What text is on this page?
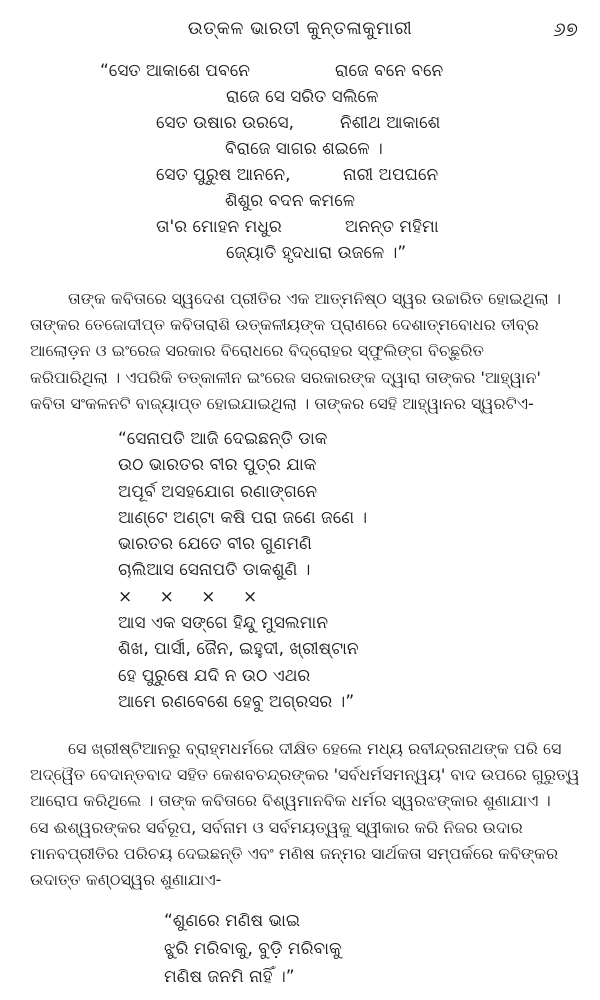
ଉତ୍କଳ ଭାରତୀ କୁନ୍ତଳାକୁମାରୀ	୬୭
“ସେତ ଆକାଶେ ପବନେ	ରାଜେ ବନେ ବନେ
ରାଜେ ସେ ସରିତ ସଲିଳେ
ସେତ ଉଷାର ଉରସେ,	ନିଶୀଥ ଆକାଶେ
ବିରାଜେ ସାଗର ଶଇଳେ ।
ସେତ ପୁରୁଷ ଆନନେ,	ନାରୀ ଅପଘନେ
ଶିଶୁର ବଦନ କମଳେ
ତା'ର ମୋହନ ମଧୁର	ଅନନ୍ତ ମହିମା
ଜ୍ୟୋତି ହୃଦଧାରା ଉଜଳେ ।”
ତାଙ୍କ କବିତାରେ ସ୍ୱଦେଶ ପ୍ରୀତିର ଏକ ଆତ୍ମନିଷ୍ଠ ସ୍ୱର ଉଚ୍ଚାରିତ ହୋଇଥିଲା ।
ତାଙ୍କର ତେଜୋଦୀପ୍ତ କବିତାରାଶି ଉତ୍କଳୀୟଙ୍କ ପ୍ରାଣରେ ଦେଶାତ୍ମବୋଧର ତୀବ୍ର
ଆଲୋଡ଼ନ ଓ ଇଂରେଜ ସରକାର ବିରୋଧରେ ବିଦ୍ରୋହର ସ୍ଫୁଲିଙ୍ଗ ବିଚ୍ଛୁରିତ
କରିପାରିଥିଲା । ଏପରିକି ତତ୍କାଳୀନ ଇଂରେଜ ସରକାରଙ୍କ ଦ୍ୱାରା ତାଙ୍କର 'ଆହ୍ୱାନ'
କବିତା ସଂକଳନଟି ବାଜ୍ୟାପ୍ତ ହୋଇଯାଇଥିଲା । ତାଙ୍କର ସେହି ଆହ୍ୱାନର ସ୍ୱରଟିଏ-
“ସେନାପତି ଆଜି ଦେଇଛନ୍ତି ଡାକ
ଉଠ ଭାରତର ବୀର ପୁତ୍ର ଯାକ
ଅପୂର୍ବ ଅସହଯୋଗ ରଣାଙ୍ଗନେ
ଆଣ୍ଟେ ଅଣ୍ଟା କଷି ପରା ଜଣେ ଜଣେ ।
ଭାରତର ଯେତେ ବୀର ଗୁଣମଣି
ଚାଲିଆସ ସେନାପତି ଡାକଶୁଣି ।
× × × ×
ଆସ ଏକ ସଙ୍ଗେ ହିନ୍ଦୁ ମୁସଲମାନ
ଶିଖ, ପାର୍ସୀ, ଜୈନ, ଇହୁଦୀ, ଖ୍ରୀଷ୍ଟାନ
ହେ ପୁରୁଷେ ଯଦି ନ ଉଠ ଏଥର
ଆମେ ରଣବେଶେ ହେବୁ ଅଗ୍ରସର ।”
ସେ ଖ୍ରୀଷ୍ଟିଆନରୁ ବ୍ରାହ୍ମଧର୍ମରେ ଦୀକ୍ଷିତ ହେଲେ ମଧ୍ୟ ରବୀନ୍ଦ୍ରନାଥଙ୍କ ପରି ସେ
ଅଦ୍ୱୈତ ବେଦାନ୍ତବାଦ ସହିତ କେଶବଚନ୍ଦ୍ରଙ୍କର 'ସର୍ବଧର୍ମସମନ୍ୱୟ' ବାଦ ଉପରେ ଗୁରୁତ୍ୱ
ଆରୋପ କରିଥିଲେ । ତାଙ୍କ କବିତାରେ ବିଶ୍ୱମାନବିକ ଧର୍ମର ସ୍ୱରଝଙ୍କାର ଶୁଣାଯାଏ ।
ସେ ଈଶ୍ୱରଙ୍କର ସର୍ବରୂପ, ସର୍ବନାମ ଓ ସର୍ବମୟତ୍ୱକୁ ସ୍ୱୀକାର କରି ନିଜର ଉଦାର
ମାନବପ୍ରୀତିର ପରିଚୟ ଦେଇଛନ୍ତି ଏବଂ ମଣିଷ ଜନ୍ମର ସାର୍ଥକତା ସମ୍ପର୍କରେ କବିଙ୍କର
ଉଦାତ୍ତ କଣ୍ଠସ୍ୱର ଶୁଣାଯାଏ-
“ଶୁଣରେ ମଣିଷ ଭାଇ
ଝୁରି ମରିବାକୁ, ବୁଡ଼ି ମରିବାକୁ
ମଣିଷ ଜନମି ନାହିଁ ।”
